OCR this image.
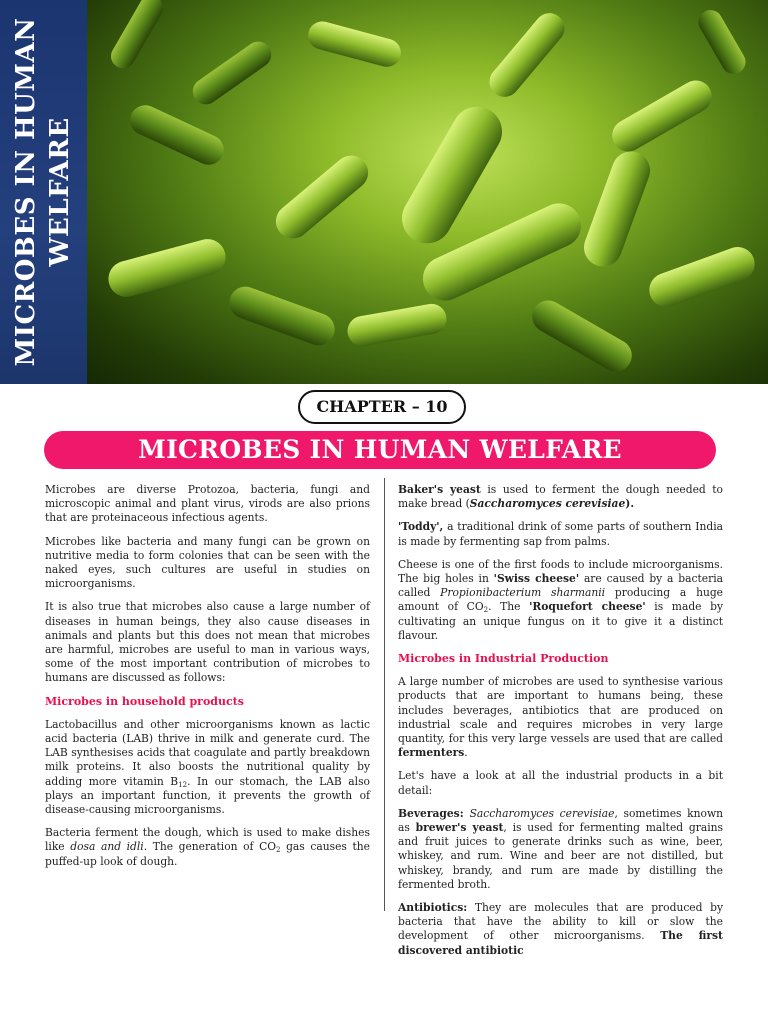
MICROBES IN HUMAN WELFARE
CHAPTER – 10
MICROBES IN HUMAN WELFARE

Microbes are diverse Protozoa, bacteria, fungi and microscopic animal and plant virus, virods are also prions that are proteinaceous infectious agents.

Microbes like bacteria and many fungi can be grown on nutritive media to form colonies that can be seen with the naked eyes, such cultures are useful in studies on microorganisms.

It is also true that microbes also cause a large number of diseases in human beings, they also cause diseases in animals and plants but this does not mean that microbes are harmful, microbes are useful to man in various ways, some of the most important contribution of microbes to humans are discussed as follows:

Microbes in household products

Lactobacillus and other microorganisms known as lactic acid bacteria (LAB) thrive in milk and generate curd. The LAB synthesises acids that coagulate and partly breakdown milk proteins. It also boosts the nutritional quality by adding more vitamin $B_{12}$. In our stomach, the LAB also plays an important function, it prevents the growth of disease-causing microorganisms.

Bacteria ferment the dough, which is used to make dishes like dosa and idli. The generation of $CO_2$ gas causes the puffed-up look of dough.

Baker's yeast is used to ferment the dough needed to make bread (Saccharomyces cerevisiae).

'Toddy', a traditional drink of some parts of southern India is made by fermenting sap from palms.

Cheese is one of the first foods to include microorganisms. The big holes in 'Swiss cheese' are caused by a bacteria called Propionibacterium sharmanii producing a huge amount of $CO_2$. The 'Roquefort cheese' is made by cultivating an unique fungus on it to give it a distinct flavour.

Microbes in Industrial Production

A large number of microbes are used to synthesise various products that are important to humans being, these includes beverages, antibiotics that are produced on industrial scale and requires microbes in very large quantity, for this very large vessels are used that are called fermenters.

Let's have a look at all the industrial products in a bit detail:

Beverages: Saccharomyces cerevisiae, sometimes known as brewer's yeast, is used for fermenting malted grains and fruit juices to generate drinks such as wine, beer, whiskey, and rum. Wine and beer are not distilled, but whiskey, brandy, and rum are made by distilling the fermented broth.

Antibiotics: They are molecules that are produced by bacteria that have the ability to kill or slow the development of other microorganisms. The first discovered antibiotic
